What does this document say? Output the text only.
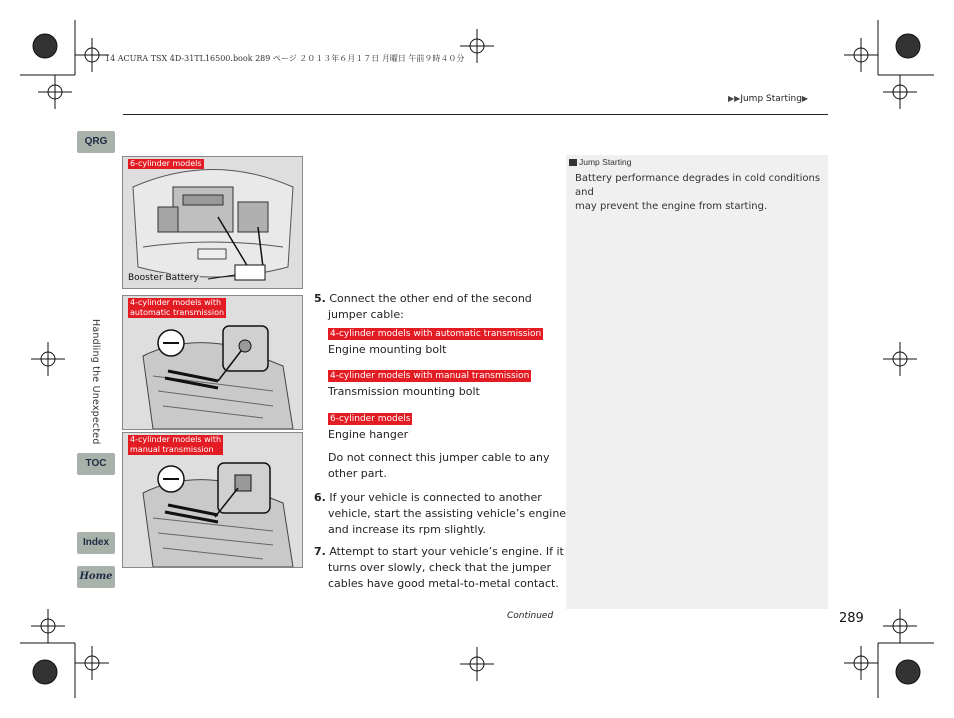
14 ACURA TSX 4D-31TL16500.book 289 ページ ２０１３年６月１７日 月曜日 午前９時４０分
▶▶Jump Starting▶
QRG
TOC
Index
Home
Handling the Unexpected
6-cylinder models
Booster Battery
4-cylinder models with
automatic transmission
4-cylinder models with
manual transmission
5. Connect the other end of the second
jumper cable:
4-cylinder models with automatic transmission
Engine mounting bolt
4-cylinder models with manual transmission
Transmission mounting bolt
6-cylinder models
Engine hanger
Do not connect this jumper cable to any
other part.
6. If your vehicle is connected to another
vehicle, start the assisting vehicle’s engine
and increase its rpm slightly.
7. Attempt to start your vehicle’s engine. If it
turns over slowly, check that the jumper
cables have good metal-to-metal contact.
Jump Starting
Battery performance degrades in cold conditions and
may prevent the engine from starting.
Continued	289
